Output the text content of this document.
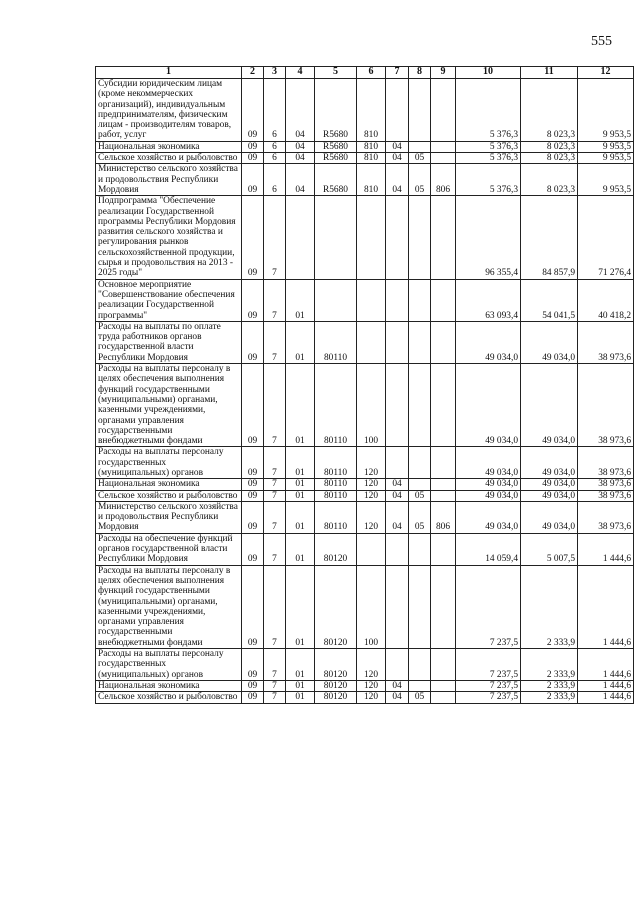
555
1	2	3	4	5	6	7	8	9	10	11	12
Субсидии юридическим лицам (кроме некоммерческих организаций), индивидуальным предпринимателям, физическим лицам - производителям товаров, работ, услуг	09	6	04	R5680	810				5 376,3	8 023,3	9 953,5
Национальная экономика	09	6	04	R5680	810	04			5 376,3	8 023,3	9 953,5
Сельское хозяйство и рыболовство	09	6	04	R5680	810	04	05		5 376,3	8 023,3	9 953,5
Министерство сельского хозяйства и продовольствия Республики Мордовия	09	6	04	R5680	810	04	05	806	5 376,3	8 023,3	9 953,5
Подпрограмма "Обеспечение реализации Государственной программы Республики Мордовия развития сельского хозяйства и регулирования рынков сельскохозяйственной продукции, сырья и продовольствия на 2013 - 2025 годы"	09	7							96 355,4	84 857,9	71 276,4
Основное мероприятие "Совершенствование обеспечения реализации Государственной программы"	09	7	01						63 093,4	54 041,5	40 418,2
Расходы на выплаты по оплате труда работников органов государственной власти Республики Мордовия	09	7	01	80110					49 034,0	49 034,0	38 973,6
Расходы на выплаты персоналу в целях обеспечения выполнения функций государственными (муниципальными) органами, казенными учреждениями, органами управления государственными внебюджетными фондами	09	7	01	80110	100				49 034,0	49 034,0	38 973,6
Расходы на выплаты персоналу государственных (муниципальных) органов	09	7	01	80110	120				49 034,0	49 034,0	38 973,6
Национальная экономика	09	7	01	80110	120	04			49 034,0	49 034,0	38 973,6
Сельское хозяйство и рыболовство	09	7	01	80110	120	04	05		49 034,0	49 034,0	38 973,6
Министерство сельского хозяйства и продовольствия Республики Мордовия	09	7	01	80110	120	04	05	806	49 034,0	49 034,0	38 973,6
Расходы на обеспечение функций органов государственной власти Республики Мордовия	09	7	01	80120					14 059,4	5 007,5	1 444,6
Расходы на выплаты персоналу в целях обеспечения выполнения функций государственными (муниципальными) органами, казенными учреждениями, органами управления государственными внебюджетными фондами	09	7	01	80120	100				7 237,5	2 333,9	1 444,6
Расходы на выплаты персоналу государственных (муниципальных) органов	09	7	01	80120	120				7 237,5	2 333,9	1 444,6
Национальная экономика	09	7	01	80120	120	04			7 237,5	2 333,9	1 444,6
Сельское хозяйство и рыболовство	09	7	01	80120	120	04	05		7 237,5	2 333,9	1 444,6
